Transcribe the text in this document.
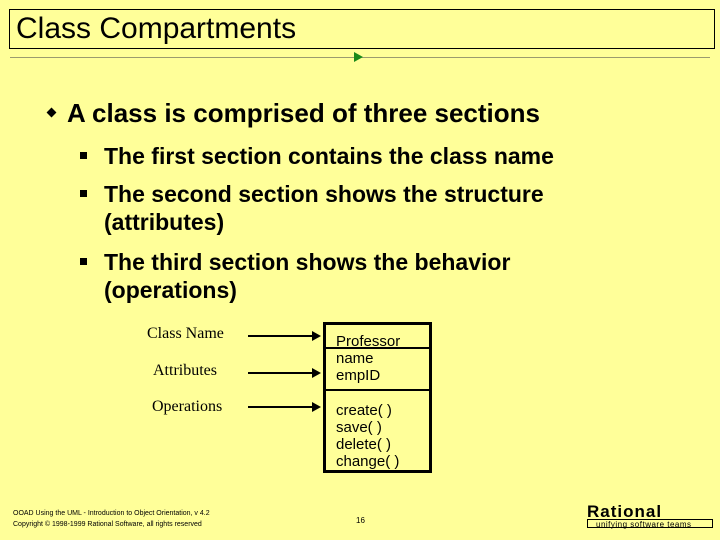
Class Compartments
A class is comprised of three sections
The first section contains the class name
The second section shows the structure
(attributes)
The third section shows the behavior
(operations)
Class Name
Attributes
Operations
Professor
name
empID
create( )
save( )
delete( )
change( )
OOAD Using the UML - Introduction to Object Orientation, v 4.2
Copyright © 1998-1999 Rational Software, all rights reserved	16	Rational
unifying software teams
